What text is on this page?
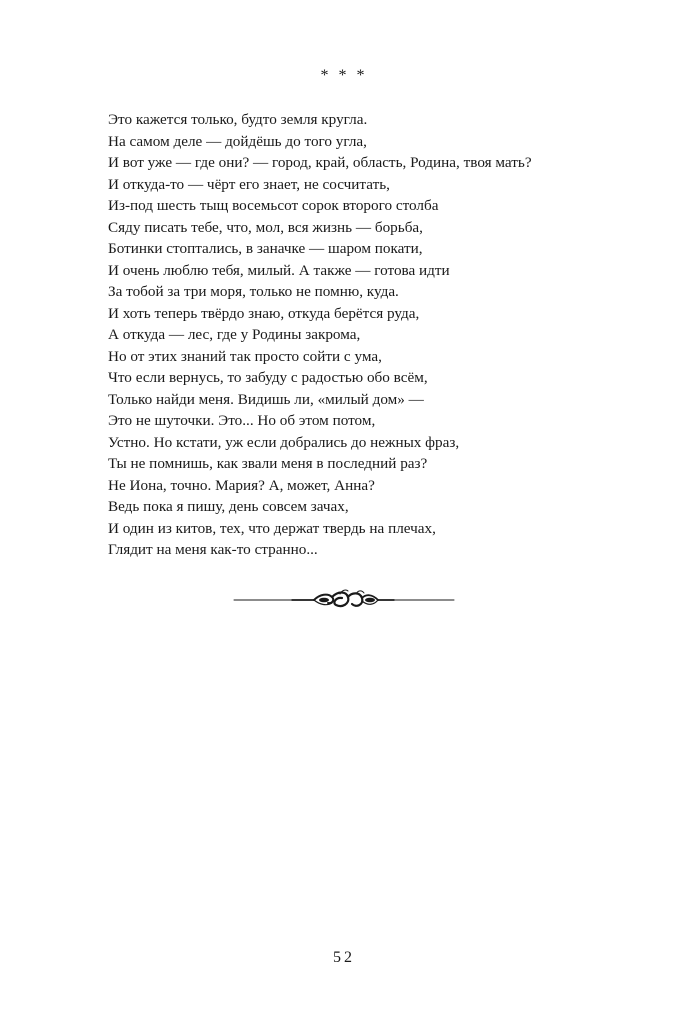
* * *
Это кажется только, будто земля кругла.
На самом деле — дойдёшь до того угла,
И вот уже — где они? — город, край, область, Родина, твоя мать?
И откуда-то — чёрт его знает, не сосчитать,
Из-под шесть тыщ восемьсот сорок второго столба
Сяду писать тебе, что, мол, вся жизнь — борьба,
Ботинки стоптались, в заначке — шаром покати,
И очень люблю тебя, милый. А также — готова идти
За тобой за три моря, только не помню, куда.
И хоть теперь твёрдо знаю, откуда берётся руда,
А откуда — лес, где у Родины закрома,
Но от этих знаний так просто сойти с ума,
Что если вернусь, то забуду с радостью обо всём,
Только найди меня. Видишь ли, «милый дом» —
Это не шуточки. Это... Но об этом потом,
Устно. Но кстати, уж если добрались до нежных фраз,
Ты не помнишь, как звали меня в последний раз?
Не Иона, точно. Мария? А, может, Анна?
Ведь пока я пишу, день совсем зачах,
И один из китов, тех, что держат твердь на плечах,
Глядит на меня как-то странно...
52
